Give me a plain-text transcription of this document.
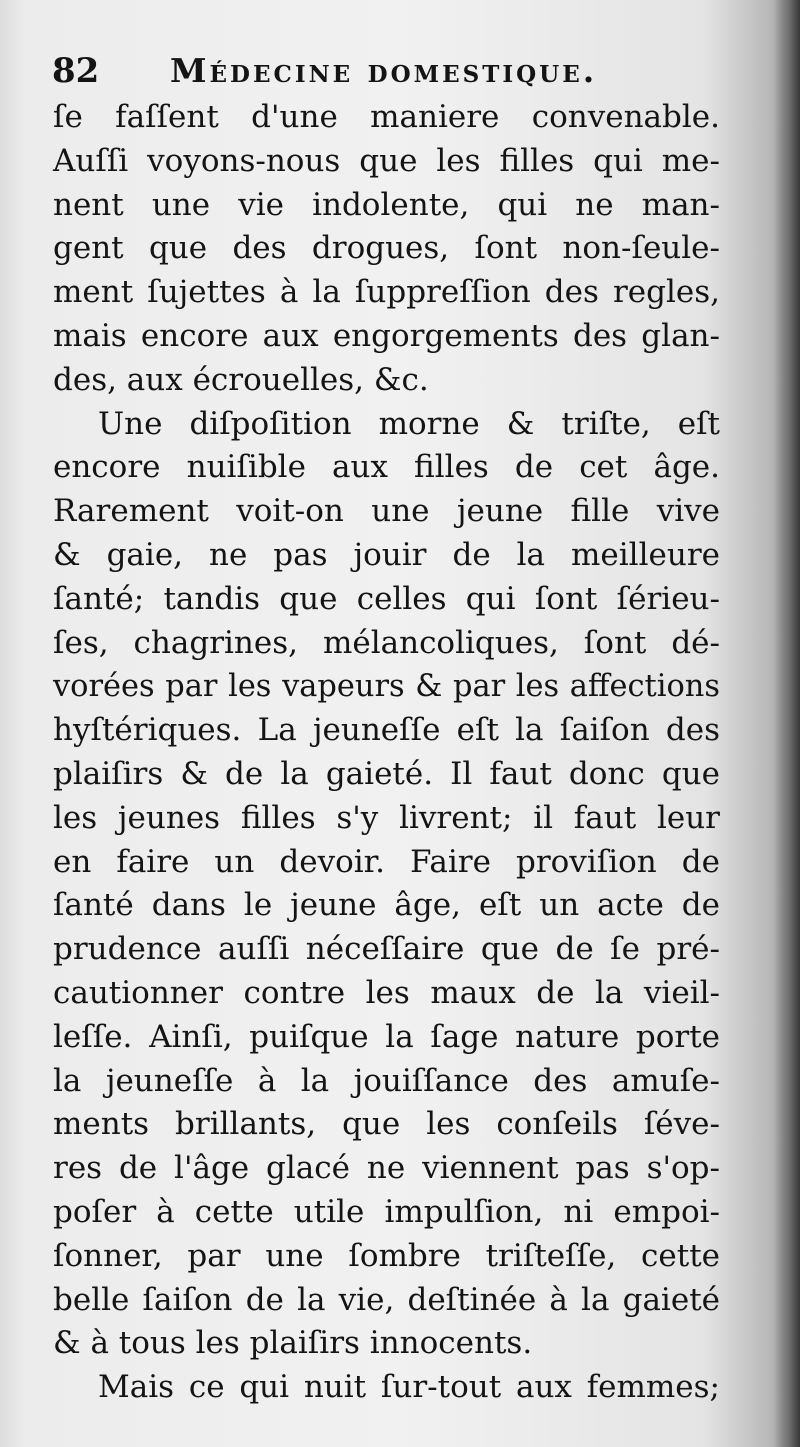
82 Médecine domestique.
ſe faſſent d'une maniere convenable.
Auſſi voyons-nous que les filles qui me-
nent une vie indolente, qui ne man-
gent que des drogues, ſont non-ſeule-
ment ſujettes à la ſuppreſſion des regles,
mais encore aux engorgements des glan-
des, aux écrouelles, &c.
Une diſpoſition morne & triſte, eſt
encore nuiſible aux filles de cet âge.
Rarement voit-on une jeune fille vive
& gaie, ne pas jouir de la meilleure
ſanté; tandis que celles qui ſont ſérieu-
ſes, chagrines, mélancoliques, ſont dé-
vorées par les vapeurs & par les affections
hyſtériques. La jeuneſſe eſt la ſaiſon des
plaiſirs & de la gaieté. Il faut donc que
les jeunes filles s'y livrent; il faut leur
en faire un devoir. Faire proviſion de
ſanté dans le jeune âge, eſt un acte de
prudence auſſi néceſſaire que de ſe pré-
cautionner contre les maux de la vieil-
leſſe. Ainſi, puiſque la ſage nature porte
la jeuneſſe à la jouiſſance des amuſe-
ments brillants, que les conſeils ſéve-
res de l'âge glacé ne viennent pas s'op-
poſer à cette utile impulſion, ni empoi-
ſonner, par une ſombre triſteſſe, cette
belle ſaiſon de la vie, deſtinée à la gaieté
& à tous les plaiſirs innocents.
Mais ce qui nuit ſur-tout aux femmes;
